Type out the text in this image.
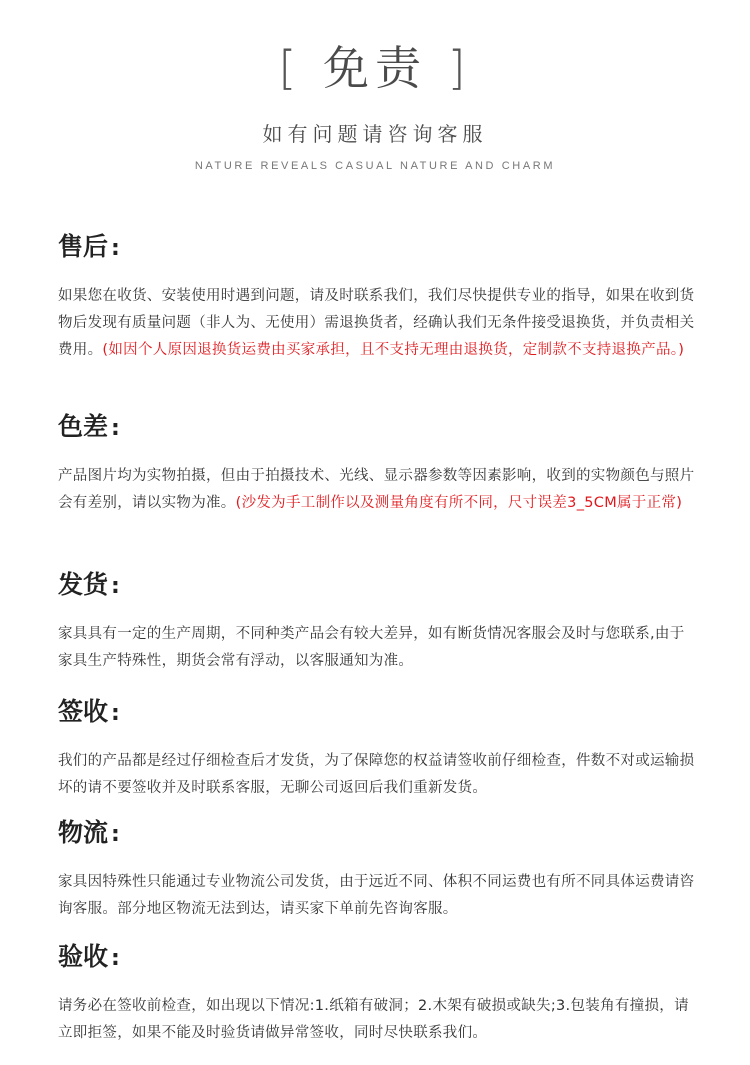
[ 免责 ]
如有问题请咨询客服
NATURE REVEALS CASUAL NATURE AND CHARM
售后 :
如果您在收货、安装使用时遇到问题，请及时联系我们，我们尽快提供专业的指导，如果在收到货物后发现有质量问题（非人为、无使用）需退换货者，经确认我们无条件接受退换货，并负责相关费用。(如因个人原因退换货运费由买家承担，且不支持无理由退换货，定制款不支持退换产品。)
色差 :
产品图片均为实物拍摄，但由于拍摄技术、光线、显示器参数等因素影响，收到的实物颜色与照片会有差别，请以实物为准。(沙发为手工制作以及测量角度有所不同，尺寸误差3_5CM属于正常)
发货 :
家具具有一定的生产周期，不同种类产品会有较大差异，如有断货情况客服会及时与您联系,由于家具生产特殊性，期货会常有浮动，以客服通知为准。
签收 :
我们的产品都是经过仔细检查后才发货，为了保障您的权益请签收前仔细检查，件数不对或运输损坏的请不要签收并及时联系客服，无聊公司返回后我们重新发货。
物流 :
家具因特殊性只能通过专业物流公司发货，由于远近不同、体积不同运费也有所不同具体运费请咨询客服。部分地区物流无法到达，请买家下单前先咨询客服。
验收 :
请务必在签收前检查，如出现以下情况:1.纸箱有破洞；2.木架有破损或缺失;3.包装角有撞损，请立即拒签，如果不能及时验货请做异常签收，同时尽快联系我们。
